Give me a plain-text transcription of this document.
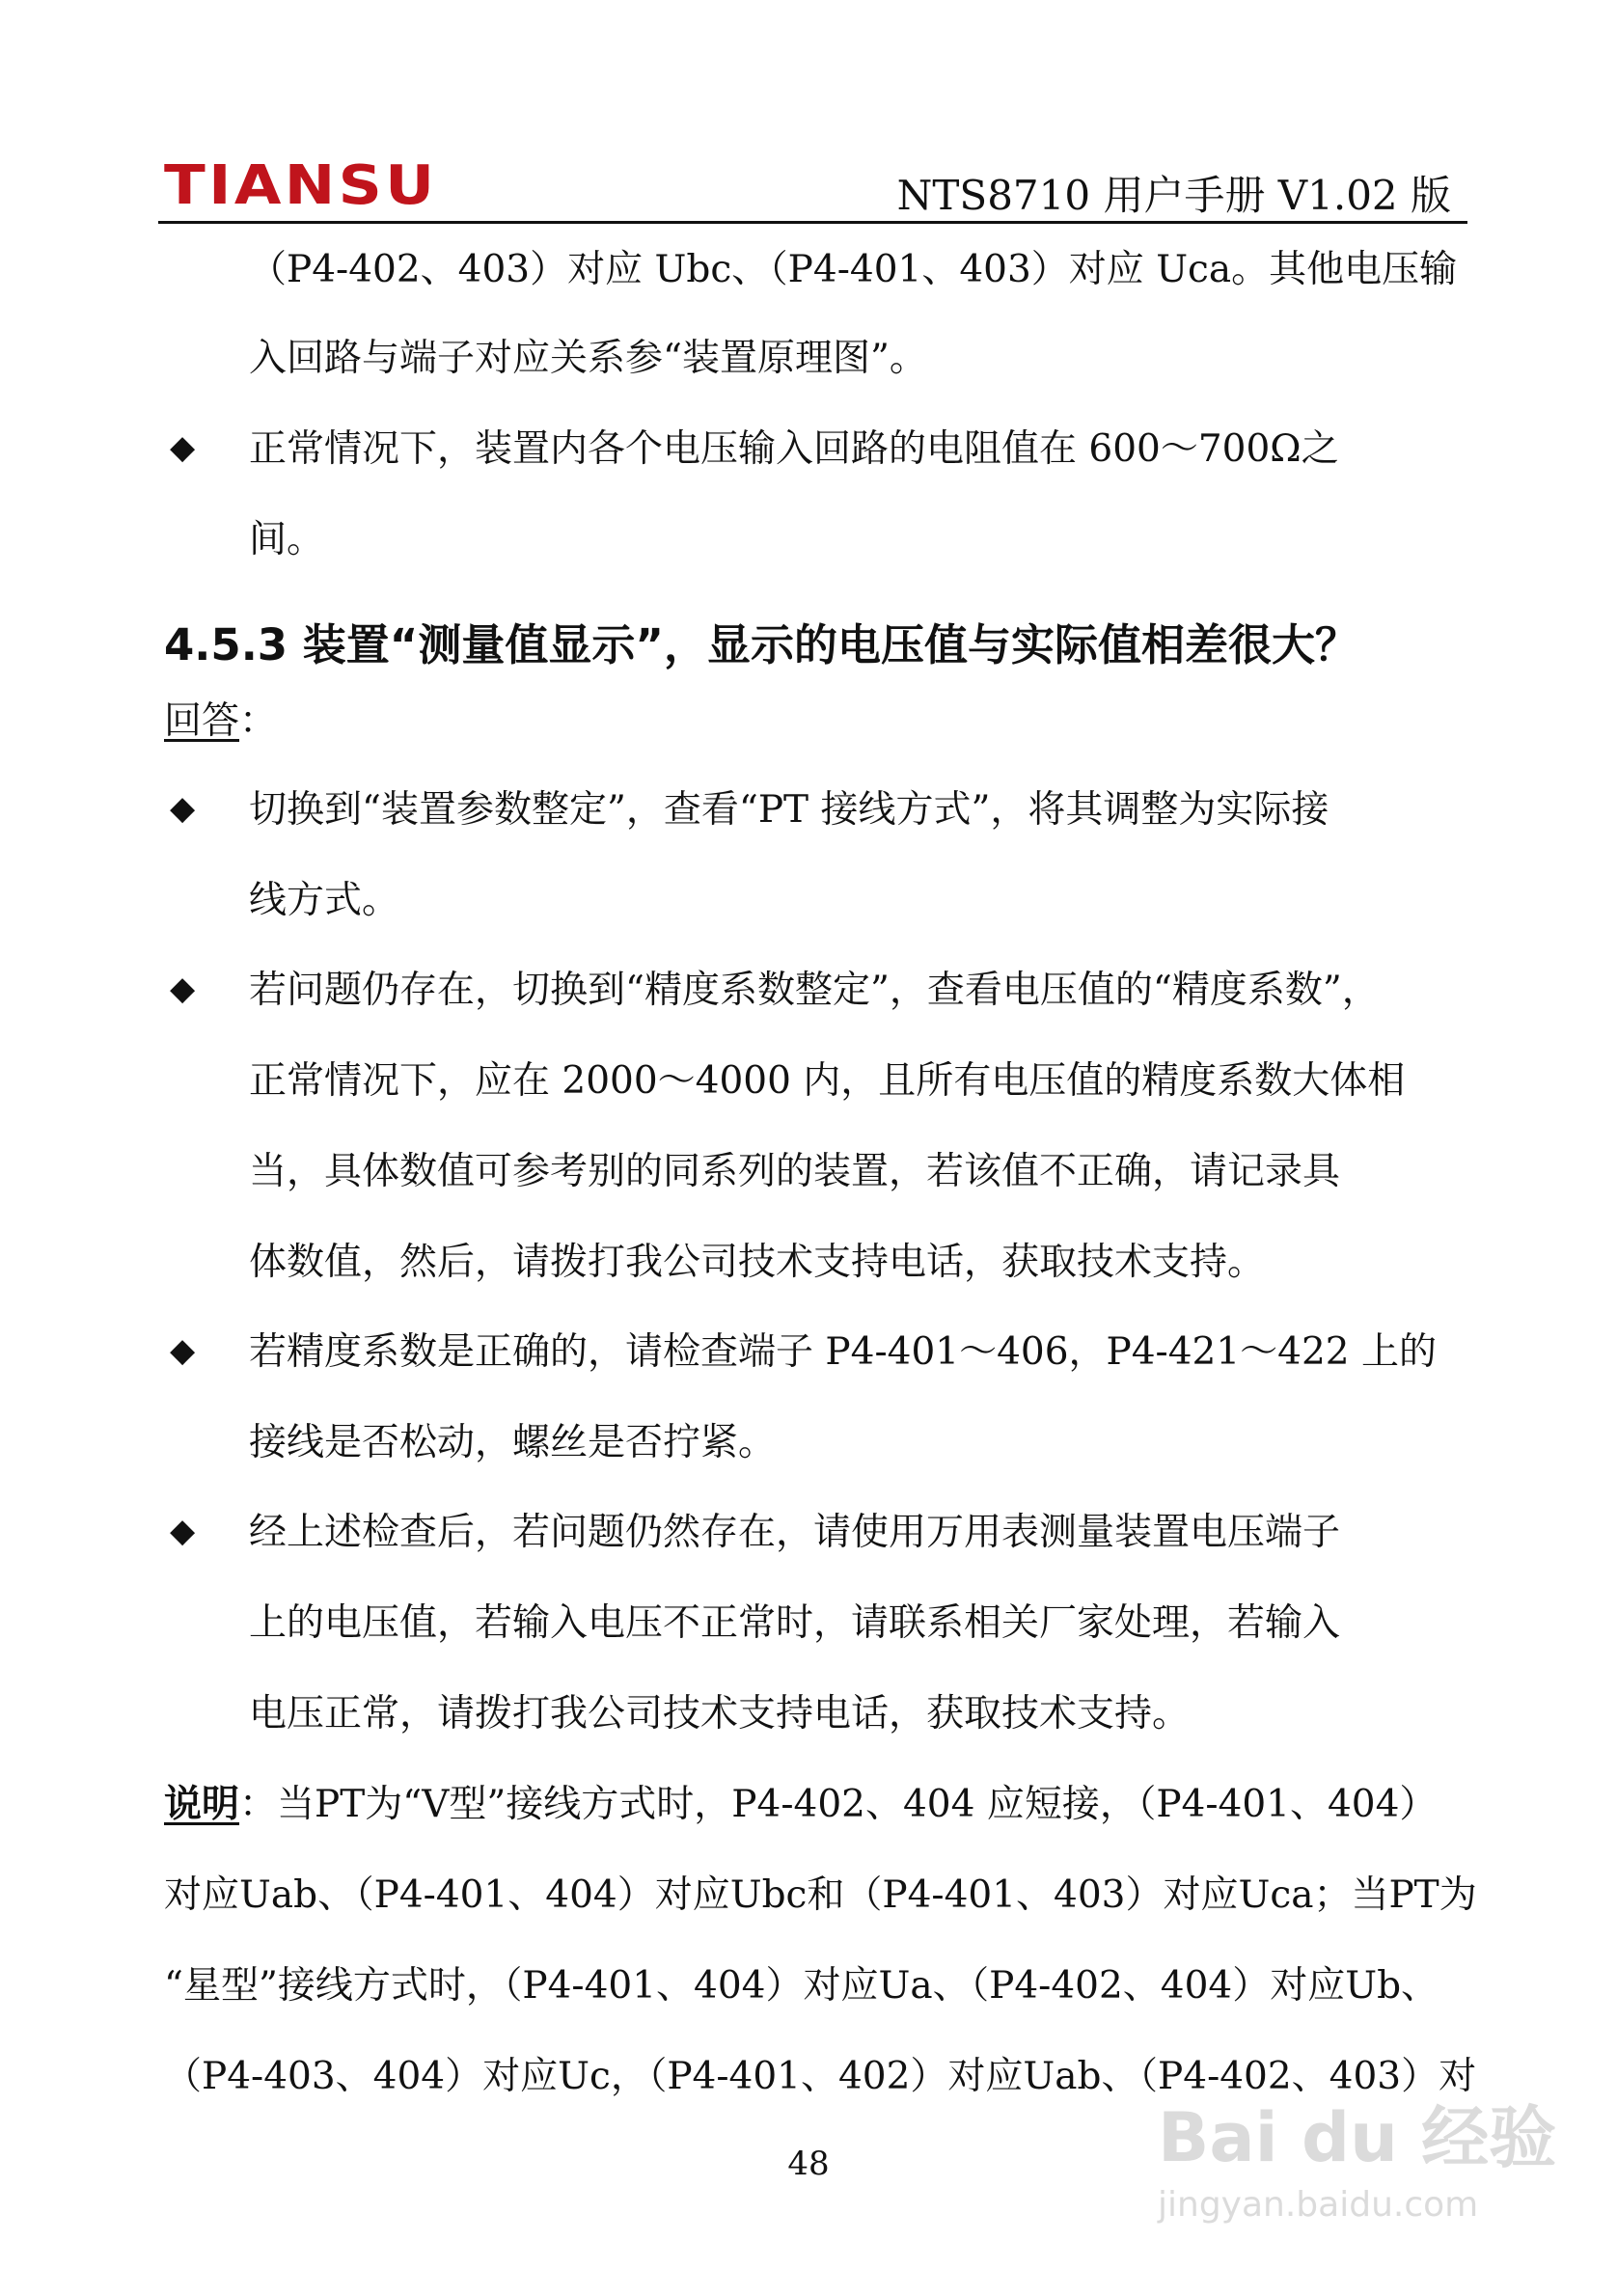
TIANSU	NTS8710 用户手册 V1.02 版
（P4-402、403）对应 Ubc、（P4-401、403）对应 Uca。其他电压输
入回路与端子对应关系参“装置原理图”。
◆ 正常情况下，装置内各个电压输入回路的电阻值在 600～700Ω之
间。
4.5.3 装置“测量值显示”，显示的电压值与实际值相差很大？
回答：
◆ 切换到“装置参数整定”，查看“PT 接线方式”，将其调整为实际接
线方式。
◆ 若问题仍存在，切换到“精度系数整定”，查看电压值的“精度系数”，
正常情况下，应在 2000～4000 内，且所有电压值的精度系数大体相
当，具体数值可参考别的同系列的装置，若该值不正确，请记录具
体数值，然后，请拨打我公司技术支持电话，获取技术支持。
◆ 若精度系数是正确的，请检查端子 P4-401～406，P4-421～422 上的
接线是否松动，螺丝是否拧紧。
◆ 经上述检查后，若问题仍然存在，请使用万用表测量装置电压端子
上的电压值，若输入电压不正常时，请联系相关厂家处理，若输入
电压正常，请拨打我公司技术支持电话，获取技术支持。
说明：当PT为“V型”接线方式时，P4-402、404 应短接，（P4-401、404）
对应Uab、（P4-401、404）对应Ubc和（P4-401、403）对应Uca；当PT为
“星型”接线方式时，（P4-401、404）对应Ua、（P4-402、404）对应Ub、
（P4-403、404）对应Uc，（P4-401、402）对应Uab、（P4-402、403）对
48	Bai du 经验
jingyan.baidu.com
